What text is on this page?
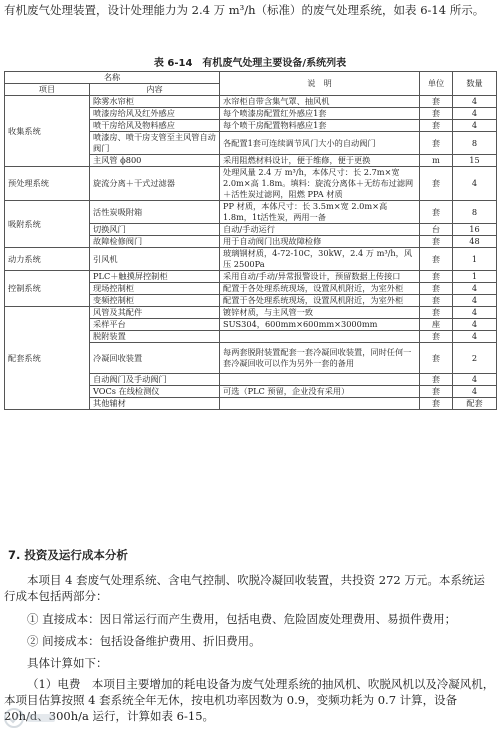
有机废气处理装置，设计处理能力为 2.4 万 m³/h（标准）的废气处理系统，如表 6-14 所示。
表 6-14　有机废气处理主要设备/系统列表
名称		说　明	单位	数量
项目	内容			
收集系统	除雾水帘柜	水帘柜自带含集气罩、抽风机	套	4
	喷漆房给风及红外感应	每个喷漆房配置红外感应1套	套	4
	喷干房给风及物料感应	每个喷干房配置物料感应1套	套	4
	喷漆房、喷干房支管至主风管自动阀门	各配置1套可连续调节风门大小的自动阀门	套	8
	主风管 ϕ800	采用阻燃材料设计，便于维修，便于更换	m	15
预处理系统	旋流分离＋干式过滤器	处理风量 2.4 万 m³/h，本体尺寸：长 2.7m×宽 2.0m×高 1.8m。填料：旋流分离体＋无纺布过滤网＋活性炭过滤网，阻燃 PPA 材质	套	4
吸附系统	活性炭吸附箱	PP 材质，本体尺寸：长 3.5m×宽 2.0m×高 1.8m，1t活性炭，两用一备	套	8
	切换风门	自动/手动运行	台	16
	故障检修阀门	用于自动阀门出现故障检修	套	48
动力系统	引风机	玻璃钢材质，4-72-10C，30kW，2.4 万 m³/h，风压 2500Pa	套	1
控制系统	PLC＋触摸屏控制柜	采用自动/手动/异常报警设计，预留数据上传接口	套	1
	现场控制柜	配置于各处理系统现场，设置风机附近，为室外柜	套	4
	变频控制柜	配置于各处理系统现场，设置风机附近，为室外柜	套	4
配套系统	风管及其配件	镀锌材质，与主风管一致	套	4
	采样平台	SUS304，600mm×600mm×3000mm	座	4
	脱附装置		套	4
	冷凝回收装置	每两套脱附装置配套一套冷凝回收装置，同时任何一套冷凝回收可以作为另外一套的备用	套	2
	自动阀门及手动阀门		套	4
	VOCs 在线检测仪	可选（PLC 预留，企业没有采用）	套	4
	其他辅材		套	配套
7. 投资及运行成本分析
本项目 4 套废气处理系统、含电气控制、吹脱冷凝回收装置，共投资 272 万元。本系统运行成本包括两部分：
① 直接成本：因日常运行而产生费用，包括电费、危险固废处理费用、易损件费用；
② 间接成本：包括设备维护费用、折旧费用。
具体计算如下：
（1）电费　本项目主要增加的耗电设备为废气处理系统的抽风机、吹脱风机以及冷凝风机，本项目估算按照 4 套系统全年无休，按电机功率因数为 0.9，变频功耗为 0.7 计算，设备 20h/d、300h/a 运行，计算如表 6-15。
